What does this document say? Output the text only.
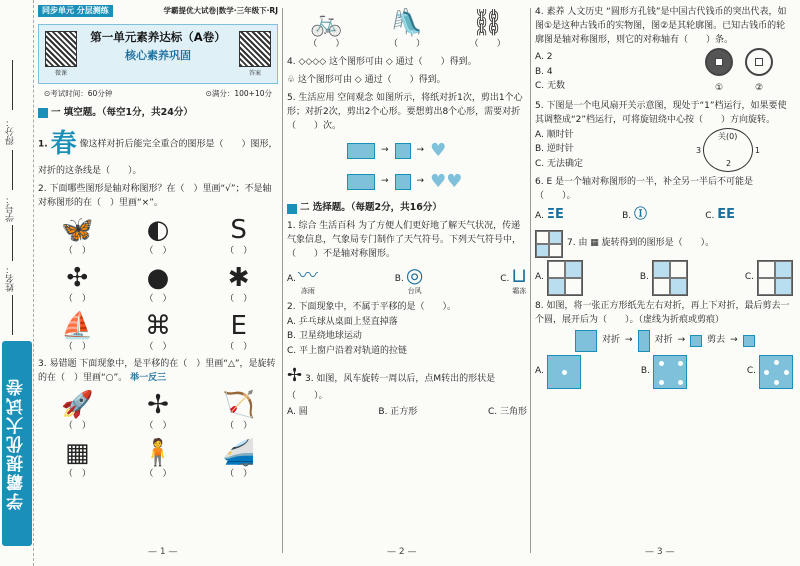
得分：
学号：
姓名：
学霸提优大试卷
同步单元 分层测练	学霸提优大试卷|数学·三年级下·RJ
微课
第一单元素养达标（A卷）
核心素养巩固
答案
⊙考试时间：60分钟	⊙满分：100+10分
一 填空题。（每空1分，共24分）
1. 春 像这样对折后能完全重合的图形是（　　）图形，对折的这条线是（　　）。
2. 下面哪些图形是轴对称图形？在（　）里画“√”；不是轴对称图形的在（　）里画“×”。
🦋
（　）
◐
（　）
S
（　）
✣
（　）
●
（　）
✱
（　）
⛵
（　）
⌘
（　）
E
（　）
3. 易错题 下面现象中，是平移的在（　）里画“△”，是旋转的在（　）里画“○”。 举一反三
🚀
（　）
✢
（　）
🏹
（　）
▦
（　）
🧍
（　）
🚄
（　）
— 1 —
🚲
（　　）
🛝
（　　）
⛓
（　　）
4. ◇◇◇◇ 这个图形可由 ◇ 通过（　　）得到。
♧ 这个图形可由 ◇ 通过（　　）得到。
5. 生活应用 空间观念 如图所示，将纸对折1次，剪出1个心形；对折2次，剪出2个心形。要想剪出8个心形，需要对折（　　）次。
→	→ ♥
→	→ ♥♥
二 选择题。（每题2分，共16分）
1. 综合 生活百科 为了方便人们更好地了解天气状况，传递气象信息，气象局专门制作了天气符号。下列天气符号中，（　　）不是轴对称图形。
A. 〰
冻雨
B. ◎
台风
C. ⊔
霜冻
2. 下面现象中，不属于平移的是（　　）。
A. 乒乓球从桌面上竖直掉落
B. 卫星绕地球运动
C. 平上窗户沿着对轨道的拉链
✢ 3. 如图，风车旋转一周以后，点M转出的形状是（　　）。
A. 圆	B. 正方形	C. 三角形
— 2 —
4. 素养 人文历史 “圆形方孔钱”是中国古代钱币的突出代表，如图①是这种古钱币的实物图，图②是其轮廓图。已知古钱币的轮廓图是轴对称图形，则它的对称轴有（　　）条。
A. 2
B. 4
C. 无数	①	②
5. 下图是一个电风扇开关示意图，现处于“1”档运行，如果要使其调整成“2”档运行，可将旋钮绕中心按（　　）方向旋转。
A. 顺时针
B. 逆时针
C. 无法确定
关(0)
3	1
2
6. E 是一个轴对称图形的一半，补全另一半后不可能是（　　）。
A. ΞE	B. Ⓘ	C. EE
7. 由 ▦ 旋转得到的图形是（　　）。
A.	B.	C.
8. 如图，将一张正方形纸先左右对折，再上下对折，最后剪去一个圆，展开后为（　　）。（虚线为折痕或剪痕）
对折 → 对折 → 剪去 →
A.	B.	C.
— 3 —
